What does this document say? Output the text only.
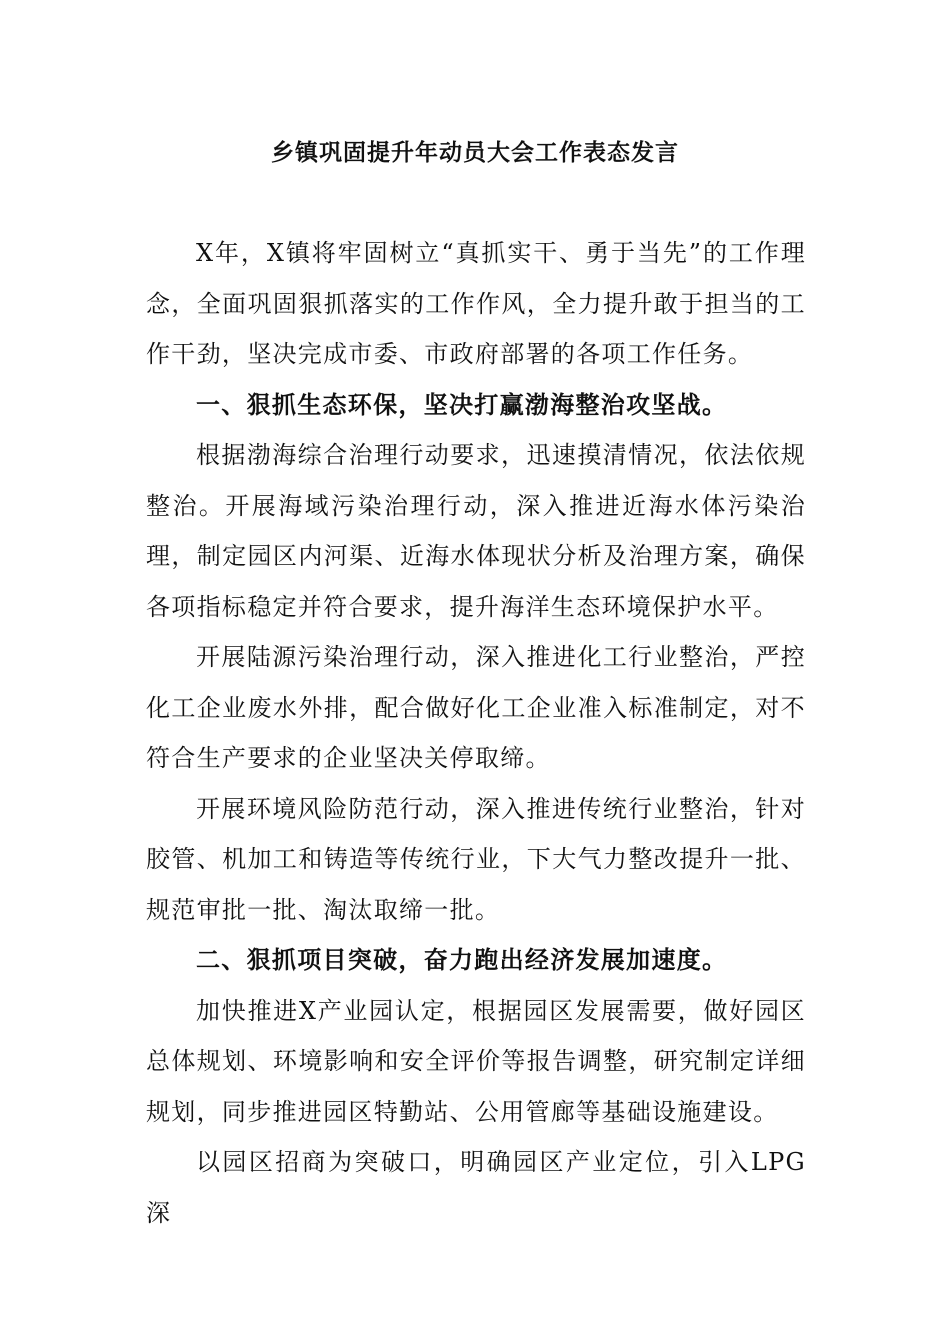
乡镇巩固提升年动员大会工作表态发言

X年，X镇将牢固树立“真抓实干、勇于当先”的工作理念，全面巩固狠抓落实的工作作风，全力提升敢于担当的工作干劲，坚决完成市委、市政府部署的各项工作任务。

一、狠抓生态环保，坚决打赢渤海整治攻坚战。

根据渤海综合治理行动要求，迅速摸清情况，依法依规整治。开展海域污染治理行动，深入推进近海水体污染治理，制定园区内河渠、近海水体现状分析及治理方案，确保各项指标稳定并符合要求，提升海洋生态环境保护水平。

开展陆源污染治理行动，深入推进化工行业整治，严控化工企业废水外排，配合做好化工企业准入标准制定，对不符合生产要求的企业坚决关停取缔。

开展环境风险防范行动，深入推进传统行业整治，针对胶管、机加工和铸造等传统行业，下大气力整改提升一批、规范审批一批、淘汰取缔一批。

二、狠抓项目突破，奋力跑出经济发展加速度。

加快推进X产业园认定，根据园区发展需要，做好园区总体规划、环境影响和安全评价等报告调整，研究制定详细规划，同步推进园区特勤站、公用管廊等基础设施建设。

以园区招商为突破口，明确园区产业定位，引入LPG深
